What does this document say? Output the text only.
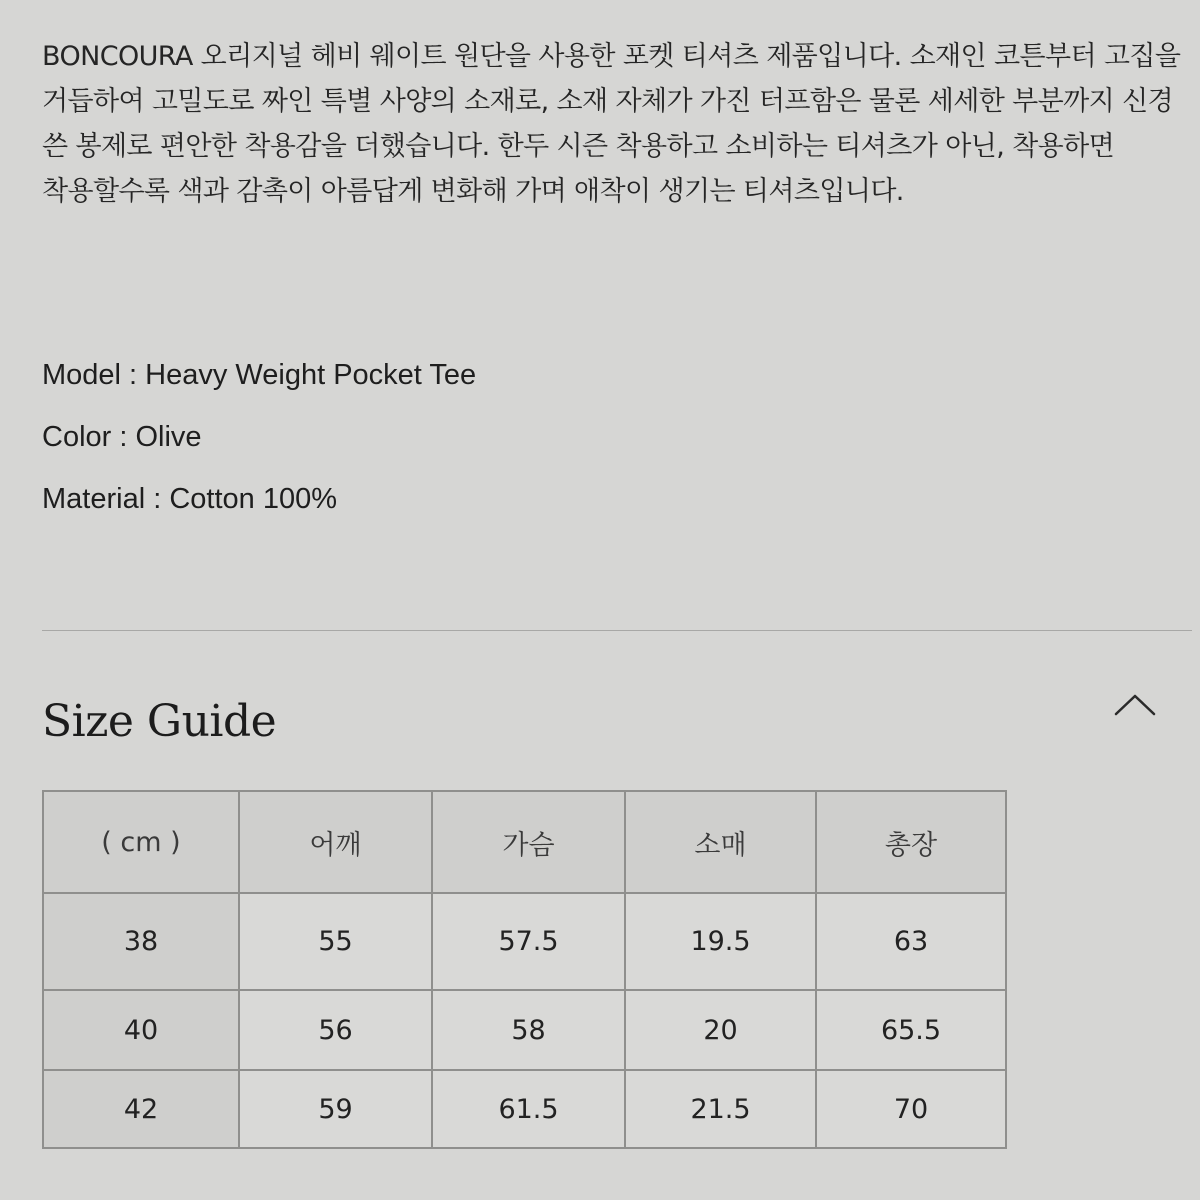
BONCOURA 오리지널 헤비 웨이트 원단을 사용한 포켓 티셔츠 제품입니다. 소재인 코튼부터 고집을 거듭하여 고밀도로 짜인 특별 사양의 소재로, 소재 자체가 가진 터프함은 물론 세세한 부분까지 신경 쓴 봉제로 편안한 착용감을 더했습니다. 한두 시즌 착용하고 소비하는 티셔츠가 아닌, 착용하면 착용할수록 색과 감촉이 아름답게 변화해 가며 애착이 생기는 티셔츠입니다.

Model : Heavy Weight Pocket Tee
Color : Olive
Material : Cotton 100%
Size Guide
( cm )	어깨	가슴	소매	총장
38	55	57.5	19.5	63
40	56	58	20	65.5
42	59	61.5	21.5	70
